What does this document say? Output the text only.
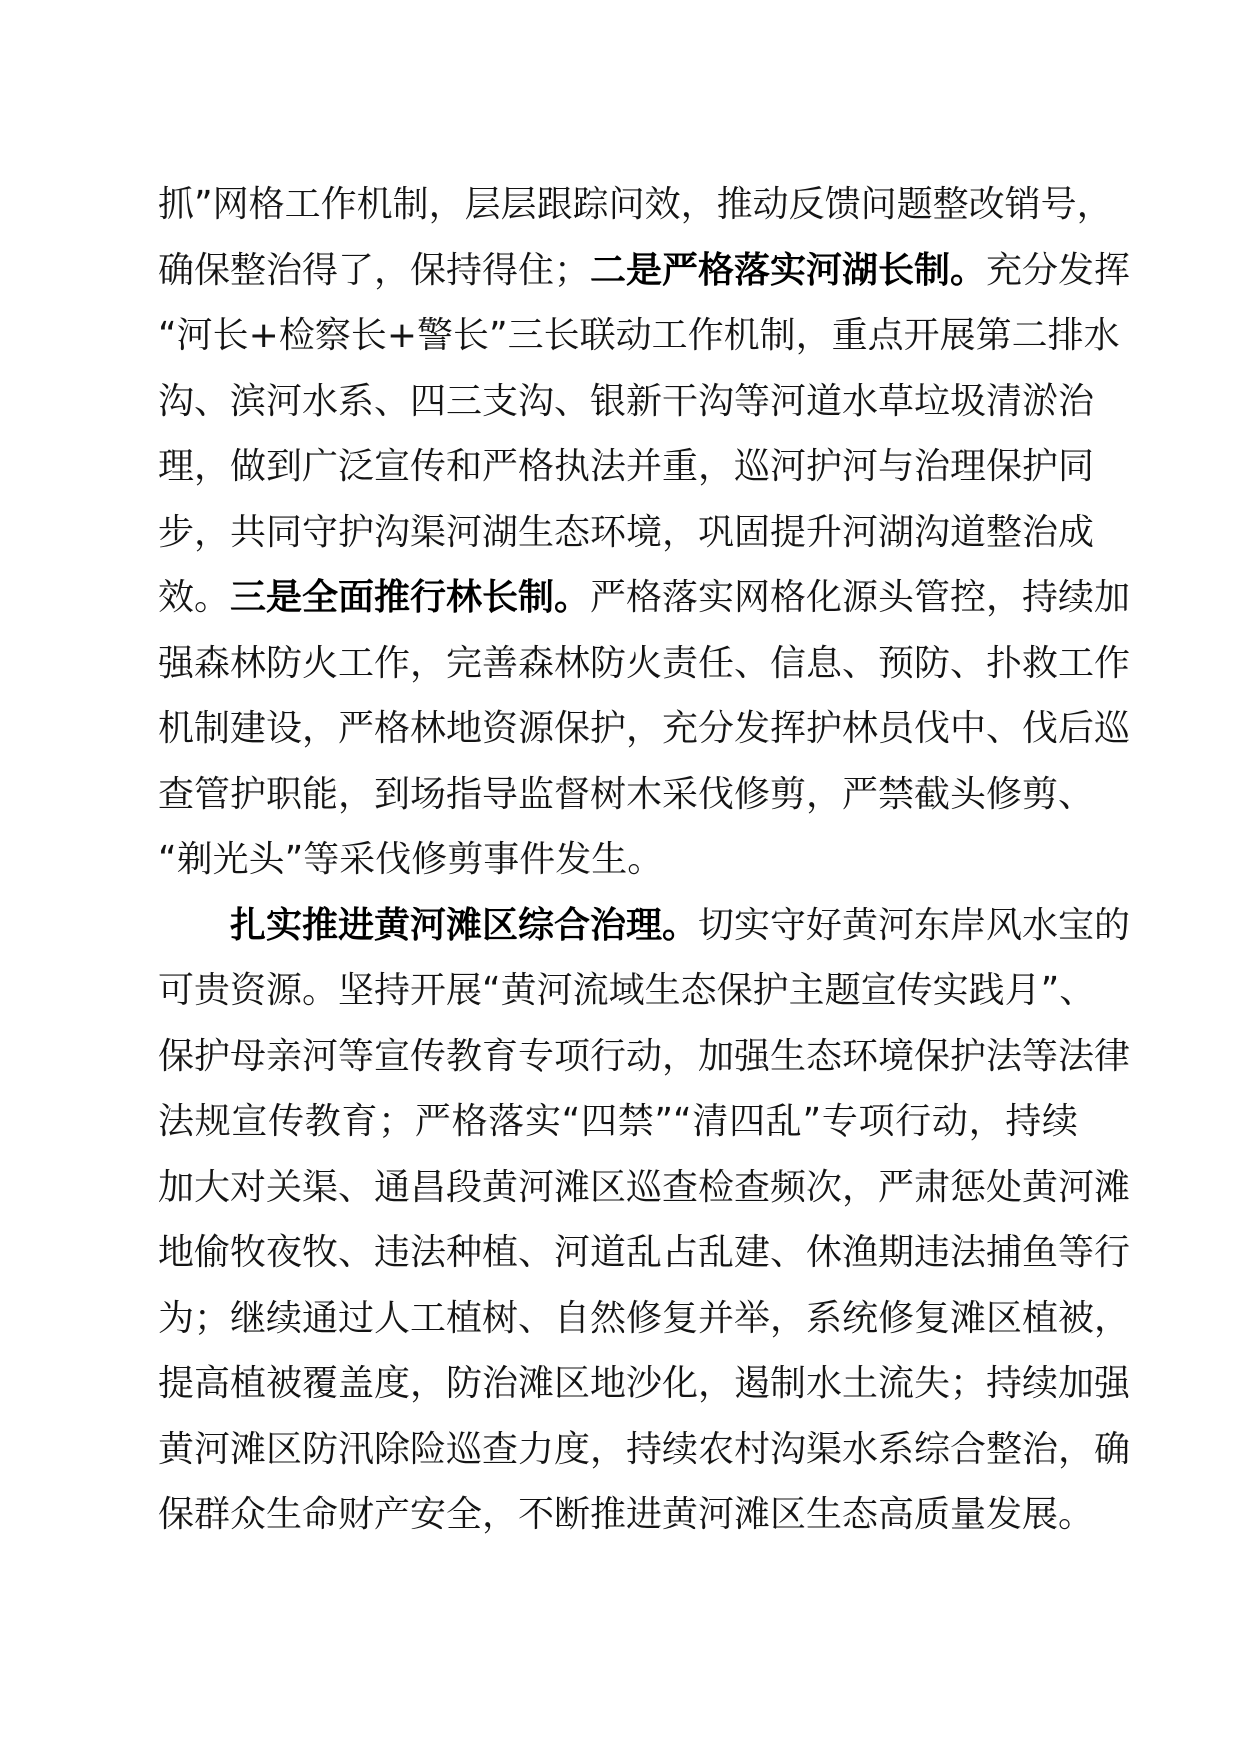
抓”网格工作机制，层层跟踪问效，推动反馈问题整改销号，
确保整治得了，保持得住；二是严格落实河湖长制。充分发挥
“河长+检察长+警长”三长联动工作机制，重点开展第二排水
沟、滨河水系、四三支沟、银新干沟等河道水草垃圾清淤治
理，做到广泛宣传和严格执法并重，巡河护河与治理保护同
步，共同守护沟渠河湖生态环境，巩固提升河湖沟道整治成
效。三是全面推行林长制。严格落实网格化源头管控，持续加
强森林防火工作，完善森林防火责任、信息、预防、扑救工作
机制建设，严格林地资源保护，充分发挥护林员伐中、伐后巡
查管护职能，到场指导监督树木采伐修剪，严禁截头修剪、
“剃光头”等采伐修剪事件发生。
扎实推进黄河滩区综合治理。切实守好黄河东岸风水宝的
可贵资源。坚持开展“黄河流域生态保护主题宣传实践月”、
保护母亲河等宣传教育专项行动，加强生态环境保护法等法律
法规宣传教育；严格落实“四禁”“清四乱”专项行动，持续
加大对关渠、通昌段黄河滩区巡查检查频次，严肃惩处黄河滩
地偷牧夜牧、违法种植、河道乱占乱建、休渔期违法捕鱼等行
为；继续通过人工植树、自然修复并举，系统修复滩区植被，
提高植被覆盖度，防治滩区地沙化，遏制水土流失；持续加强
黄河滩区防汛除险巡查力度，持续农村沟渠水系综合整治，确
保群众生命财产安全，不断推进黄河滩区生态高质量发展。
